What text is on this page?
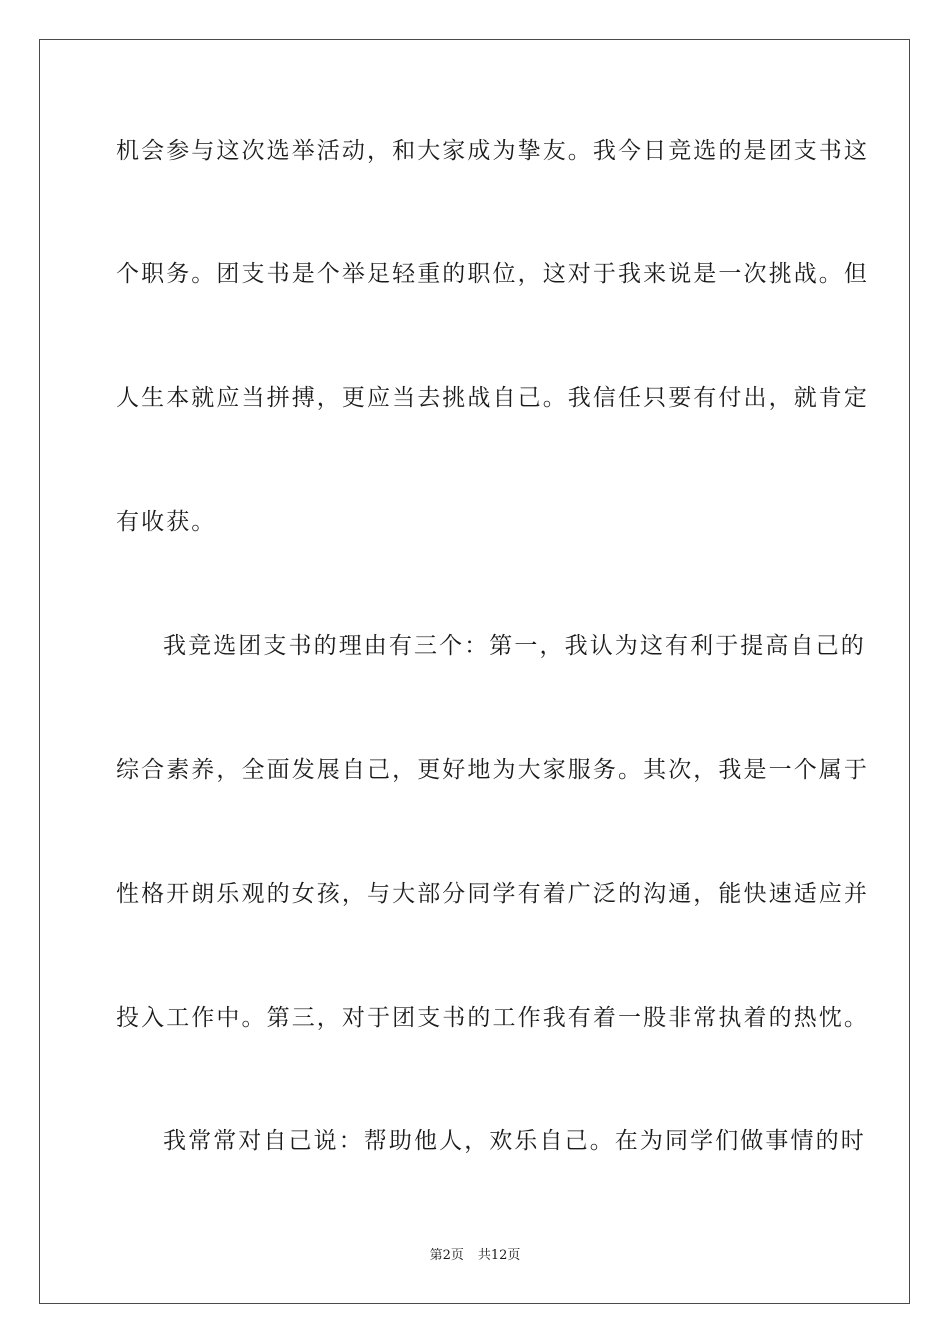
机会参与这次选举活动，和大家成为挚友。我今日竞选的是团支书这
个职务。团支书是个举足轻重的职位，这对于我来说是一次挑战。但
人生本就应当拼搏，更应当去挑战自己。我信任只要有付出，就肯定
有收获。
我竞选团支书的理由有三个：第一，我认为这有利于提高自己的
综合素养，全面发展自己，更好地为大家服务。其次，我是一个属于
性格开朗乐观的女孩，与大部分同学有着广泛的沟通，能快速适应并
投入工作中。第三，对于团支书的工作我有着一股非常执着的热忱。
我常常对自己说：帮助他人，欢乐自己。在为同学们做事情的时
第2页 共12页
